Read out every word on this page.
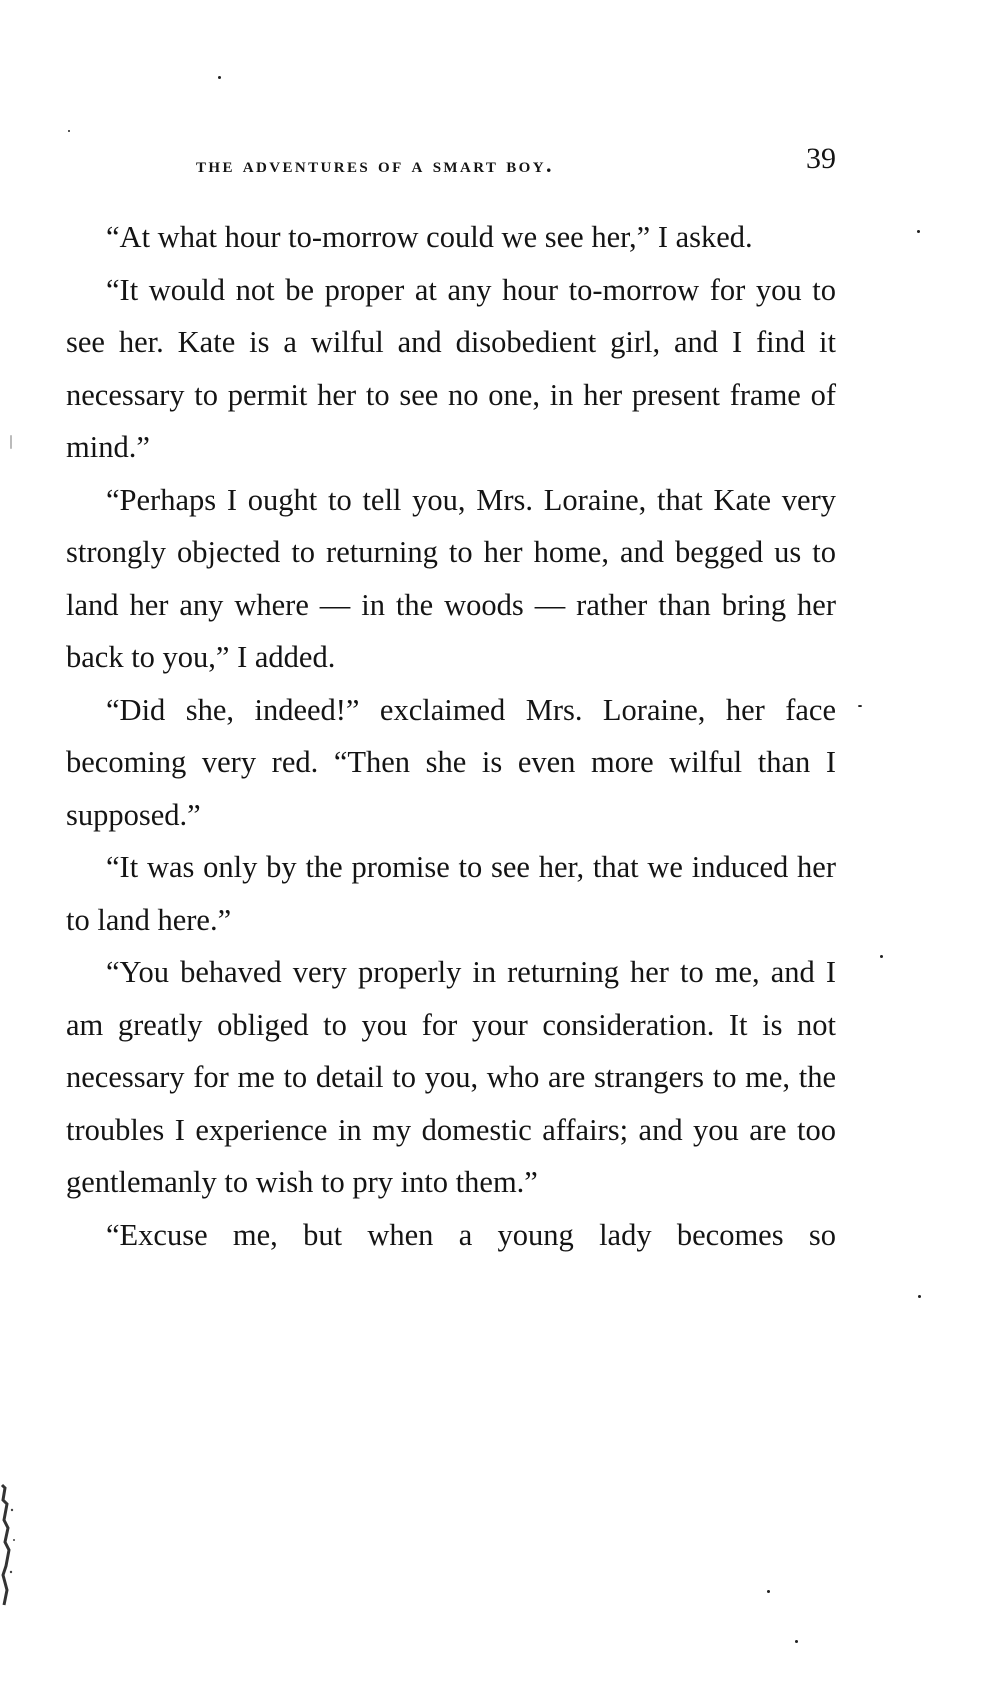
the adventures of a smart boy.	39

“At what hour to-morrow could we see her,” I asked.

“It would not be proper at any hour to-morrow for you to see her. Kate is a wilful and disobedient girl, and I find it necessary to permit her to see no one, in her present frame of mind.”

“Perhaps I ought to tell you, Mrs. Loraine, that Kate very strongly objected to returning to her home, and begged us to land her any where — in the woods — rather than bring her back to you,” I added.

“Did she, indeed!” exclaimed Mrs. Loraine, her face becoming very red. “Then she is even more wilful than I supposed.”

“It was only by the promise to see her, that we induced her to land here.”

“You behaved very properly in returning her to me, and I am greatly obliged to you for your consideration. It is not necessary for me to detail to you, who are strangers to me, the troubles I experience in my domestic affairs; and you are too gentlemanly to wish to pry into them.”

“Excuse me, but when a young lady becomes so
